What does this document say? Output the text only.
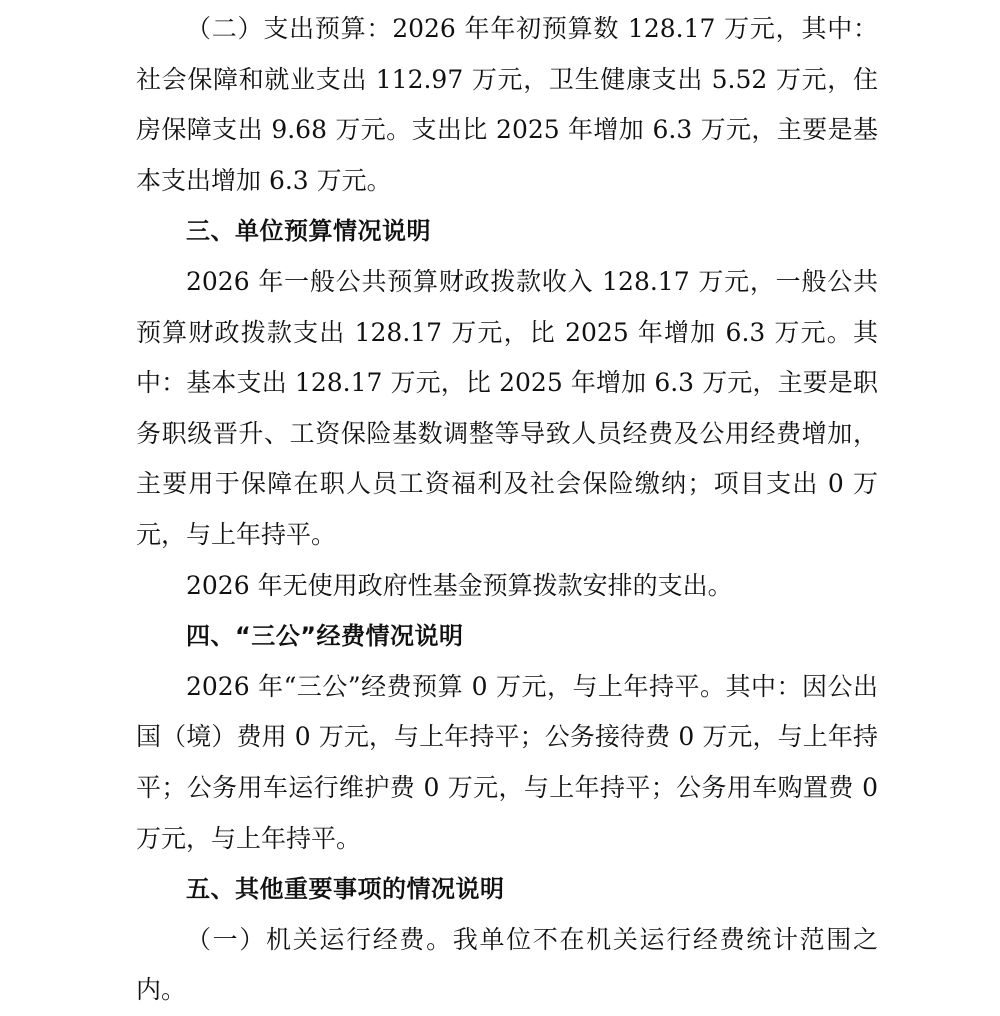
（二）支出预算：2026 年年初预算数 128.17 万元，其中：社会保障和就业支出 112.97 万元，卫生健康支出 5.52 万元，住房保障支出 9.68 万元。支出比 2025 年增加 6.3 万元，主要是基本支出增加 6.3 万元。

三、单位预算情况说明

2026 年一般公共预算财政拨款收入 128.17 万元，一般公共预算财政拨款支出 128.17 万元，比 2025 年增加 6.3 万元。其中：基本支出 128.17 万元，比 2025 年增加 6.3 万元，主要是职务职级晋升、工资保险基数调整等导致人员经费及公用经费增加，主要用于保障在职人员工资福利及社会保险缴纳；项目支出 0 万元，与上年持平。

2026 年无使用政府性基金预算拨款安排的支出。

四、“三公”经费情况说明

2026 年“三公”经费预算 0 万元，与上年持平。其中：因公出国（境）费用 0 万元，与上年持平；公务接待费 0 万元，与上年持平；公务用车运行维护费 0 万元，与上年持平；公务用车购置费 0 万元，与上年持平。

五、其他重要事项的情况说明

（一）机关运行经费。我单位不在机关运行经费统计范围之内。
